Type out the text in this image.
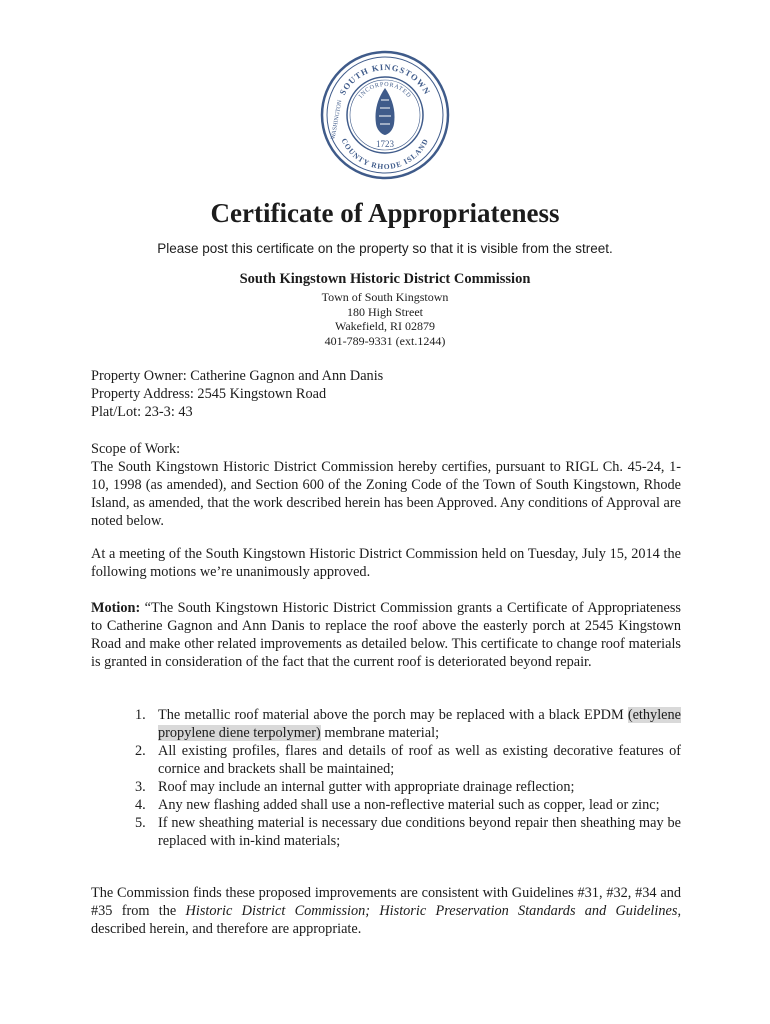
SOUTH KINGSTOWN
COUNTY RHODE ISLAND
INCORPORATED
1723
WASHINGTON
Certificate of Appropriateness

Please post this certificate on the property so that it is visible from the street.

South Kingstown Historic District Commission

Town of South Kingstown
180 High Street
Wakefield, RI 02879
401-789-9331 (ext.1244)
Property Owner: Catherine Gagnon and Ann Danis
Property Address: 2545 Kingstown Road
Plat/Lot: 23-3: 43
Scope of Work:

The South Kingstown Historic District Commission hereby certifies, pursuant to RIGL Ch. 45-24, 1-10, 1998 (as amended), and Section 600 of the Zoning Code of the Town of South Kingstown, Rhode Island, as amended, that the work described herein has been Approved. Any conditions of Approval are noted below.

At a meeting of the South Kingstown Historic District Commission held on Tuesday, July 15, 2014 the following motions we’re unanimously approved.

Motion: “The South Kingstown Historic District Commission grants a Certificate of Appropriateness to Catherine Gagnon and Ann Danis to replace the roof above the easterly porch at 2545 Kingstown Road and make other related improvements as detailed below. This certificate to change roof materials is granted in consideration of the fact that the current roof is deteriorated beyond repair.

1. The metallic roof material above the porch may be replaced with a black EPDM (ethylene propylene diene terpolymer) membrane material;
2. All existing profiles, flares and details of roof as well as existing decorative features of cornice and brackets shall be maintained;
3. Roof may include an internal gutter with appropriate drainage reflection;
4. Any new flashing added shall use a non-reflective material such as copper, lead or zinc;
5. If new sheathing material is necessary due conditions beyond repair then sheathing may be replaced with in-kind materials;

The Commission finds these proposed improvements are consistent with Guidelines #31, #32, #34 and #35 from the Historic District Commission; Historic Preservation Standards and Guidelines, described herein, and therefore are appropriate.
